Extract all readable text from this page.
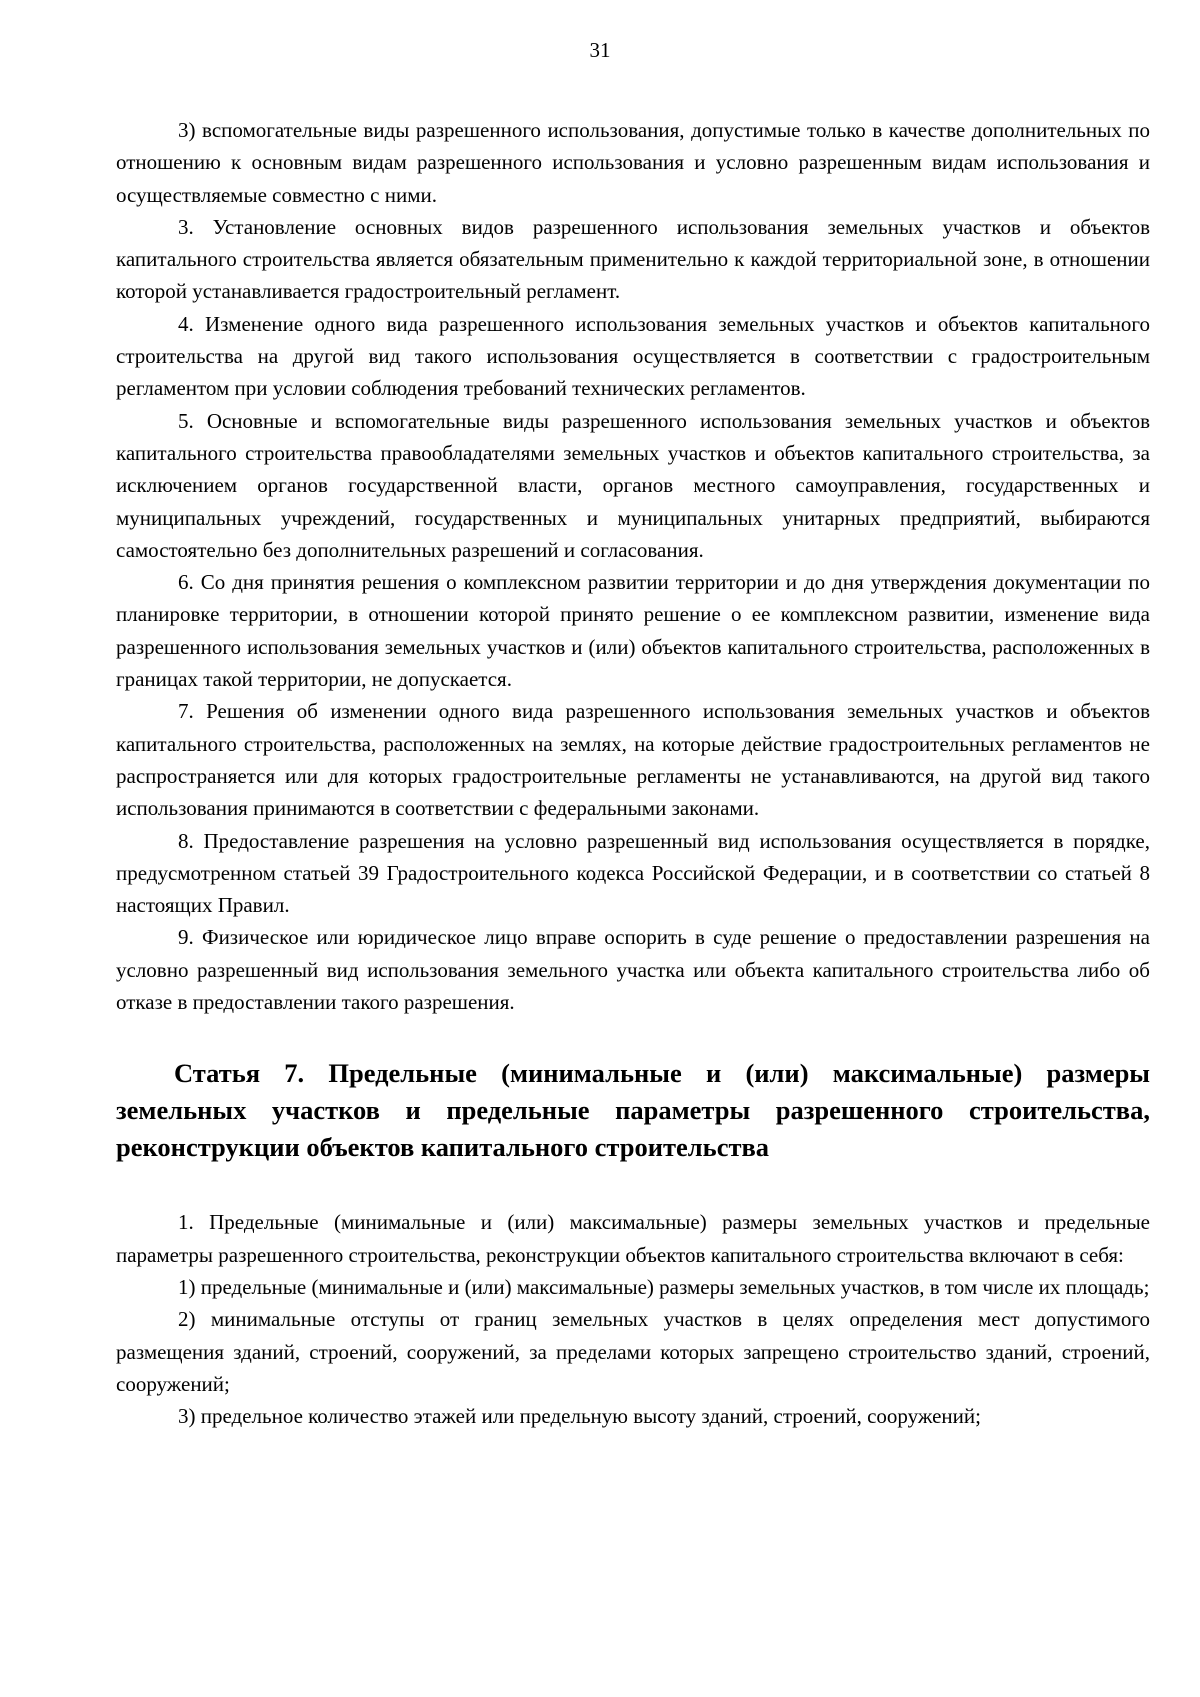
31

3) вспомогательные виды разрешенного использования, допустимые только в качестве дополнительных по отношению к основным видам разрешенного использования и условно разрешенным видам использования и осуществляемые совместно с ними.

3. Установление основных видов разрешенного использования земельных участков и объектов капитального строительства является обязательным применительно к каждой территориальной зоне, в отношении которой устанавливается градостроительный регламент.

4. Изменение одного вида разрешенного использования земельных участков и объектов капитального строительства на другой вид такого использования осуществляется в соответствии с градостроительным регламентом при условии соблюдения требований технических регламентов.

5. Основные и вспомогательные виды разрешенного использования земельных участков и объектов капитального строительства правообладателями земельных участков и объектов капитального строительства, за исключением органов государственной власти, органов местного самоуправления, государственных и муниципальных учреждений, государственных и муниципальных унитарных предприятий, выбираются самостоятельно без дополнительных разрешений и согласования.

6. Со дня принятия решения о комплексном развитии территории и до дня утверждения документации по планировке территории, в отношении которой принято решение о ее комплексном развитии, изменение вида разрешенного использования земельных участков и (или) объектов капитального строительства, расположенных в границах такой территории, не допускается.

7. Решения об изменении одного вида разрешенного использования земельных участков и объектов капитального строительства, расположенных на землях, на которые действие градостроительных регламентов не распространяется или для которых градостроительные регламенты не устанавливаются, на другой вид такого использования принимаются в соответствии с федеральными законами.

8. Предоставление разрешения на условно разрешенный вид использования осуществляется в порядке, предусмотренном статьей 39 Градостроительного кодекса Российской Федерации, и в соответствии со статьей 8 настоящих Правил.

9. Физическое или юридическое лицо вправе оспорить в суде решение о предоставлении разрешения на условно разрешенный вид использования земельного участка или объекта капитального строительства либо об отказе в предоставлении такого разрешения.

Статья 7. Предельные (минимальные и (или) максимальные) размеры земельных участков и предельные параметры разрешенного строительства, реконструкции объектов капитального строительства

1. Предельные (минимальные и (или) максимальные) размеры земельных участков и предельные параметры разрешенного строительства, реконструкции объектов капитального строительства включают в себя:

1) предельные (минимальные и (или) максимальные) размеры земельных участков, в том числе их площадь;

2) минимальные отступы от границ земельных участков в целях определения мест допустимого размещения зданий, строений, сооружений, за пределами которых запрещено строительство зданий, строений, сооружений;

3) предельное количество этажей или предельную высоту зданий, строений, сооружений;
